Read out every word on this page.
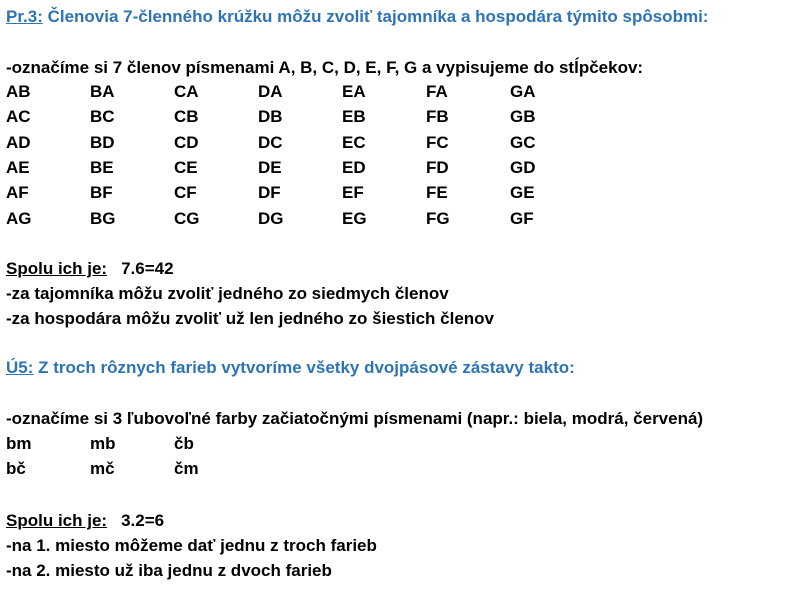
Pr.3: Členovia 7-členného krúžku môžu zvoliť tajomníka a hospodára týmito spôsobmi:
-označíme si 7 členov písmenami A, B, C, D, E, F, G a vypisujeme do stĺpčekov:
AB	BA	CA	DA	EA	FA	GA
AC	BC	CB	DB	EB	FB	GB
AD	BD	CD	DC	EC	FC	GC
AE	BE	CE	DE	ED	FD	GD
AF	BF	CF	DF	EF	FE	GE
AG	BG	CG	DG	EG	FG	GF
Spolu ich je: 7.6=42
-za tajomníka môžu zvoliť jedného zo siedmych členov
-za hospodára môžu zvoliť už len jedného zo šiestich členov
Ú5: Z troch rôznych farieb vytvoríme všetky dvojpásové zástavy takto:
-označíme si 3 ľubovoľné farby začiatočnými písmenami (napr.: biela, modrá, červená)
bm	mb	čb
bč	mč	čm
Spolu ich je: 3.2=6
-na 1. miesto môžeme dať jednu z troch farieb
-na 2. miesto už iba jednu z dvoch farieb
